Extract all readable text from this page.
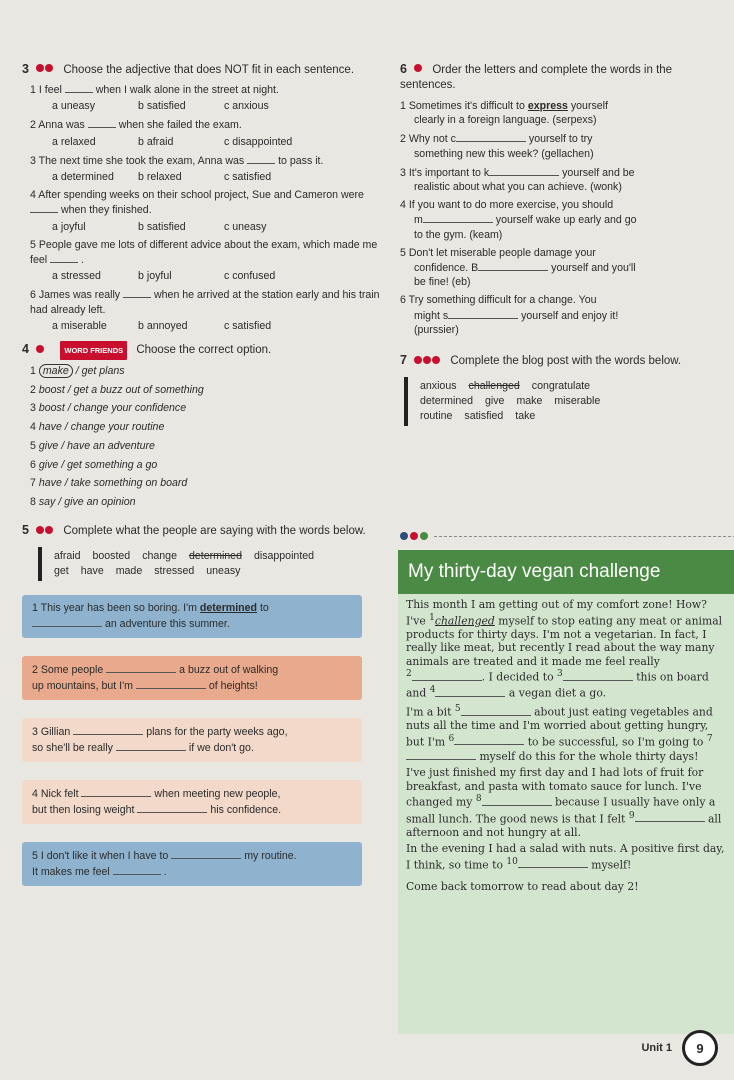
3	Choose the adjective that does NOT fit in each sentence.
1 I feel	when I walk alone in the street at night.
a uneasy	b satisfied	c anxious
2 Anna was	when she failed the exam.
a relaxed	b afraid	c disappointed
3 The next time she took the exam, Anna was	to pass it.
a determined	b relaxed	c satisfied
4 After spending weeks on their school project, Sue and Cameron were  when they finished.
a joyful	b satisfied	c uneasy
5 People gave me lots of different advice about the exam, which made me feel	.
a stressed	b joyful	c confused
6 James was really	when he arrived at the station early and his train had already left.
a miserable	b annoyed	c satisfied
4	WORD FRIENDS Choose the correct option.
1 make / get plans
2 boost / get a buzz out of something
3 boost / change your confidence
4 have / change your routine
5 give / have an adventure
6 give / get something a go
7 have / take something on board
8 say / give an opinion
5	Complete what the people are saying with the words below.
afraid boosted change determined disappointed
get have made stressed uneasy
1 This year has been so boring. I'm determined to
an adventure this summer.
2 Some people	a buzz out of walking
up mountains, but I'm	of heights!
3 Gillian	plans for the party weeks ago,
so she'll be really	if we don't go.
4 Nick felt	when meeting new people,
but then losing weight	his confidence.
5 I don't like it when I have to	my routine.
It makes me feel	.
6 Order the letters and complete the words in the sentences.
1 Sometimes it's difficult to express yourself
clearly in a foreign language. (serpexs)
2 Why not c	yourself to try
something new this week? (gellachen)
3 It's important to k	yourself and be
realistic about what you can achieve. (wonk)
4 If you want to do more exercise, you should
m	yourself wake up early and go
to the gym. (keam)
5 Don't let miserable people damage your
confidence. B	yourself and you'll
be fine! (eb)
6 Try something difficult for a change. You
might s	yourself and enjoy it!
(purssier)
7	Complete the blog post with the words below.
anxious challenged congratulate
determined give make miserable
routine satisfied take
My thirty-day vegan challenge

This month I am getting out of my comfort zone! How? I've $^1$challenged myself to stop eating any meat or animal products for thirty days. I'm not a vegetarian. In fact, I really like meat, but recently I read about the way many animals are treated and it made me feel really
$^2$	. I decided to $^3$	this on board and $^4$	a vegan diet a go.

I'm a bit $^5$	about just eating vegetables and nuts all the time and I'm worried about getting hungry, but I'm $^6$	to be successful, so I'm going to $^7$ myself do this for the whole thirty days!

I've just finished my first day and I had lots of fruit for breakfast, and pasta with tomato sauce for lunch. I've changed my $^8$	because I usually have only a small lunch. The good news is that I felt $^9$	all afternoon and not hungry at all.

In the evening I had a salad with nuts. A positive first day, I think, so time to $^{10}$	myself!

Come back tomorrow to read about day 2!

Unit 1	9
